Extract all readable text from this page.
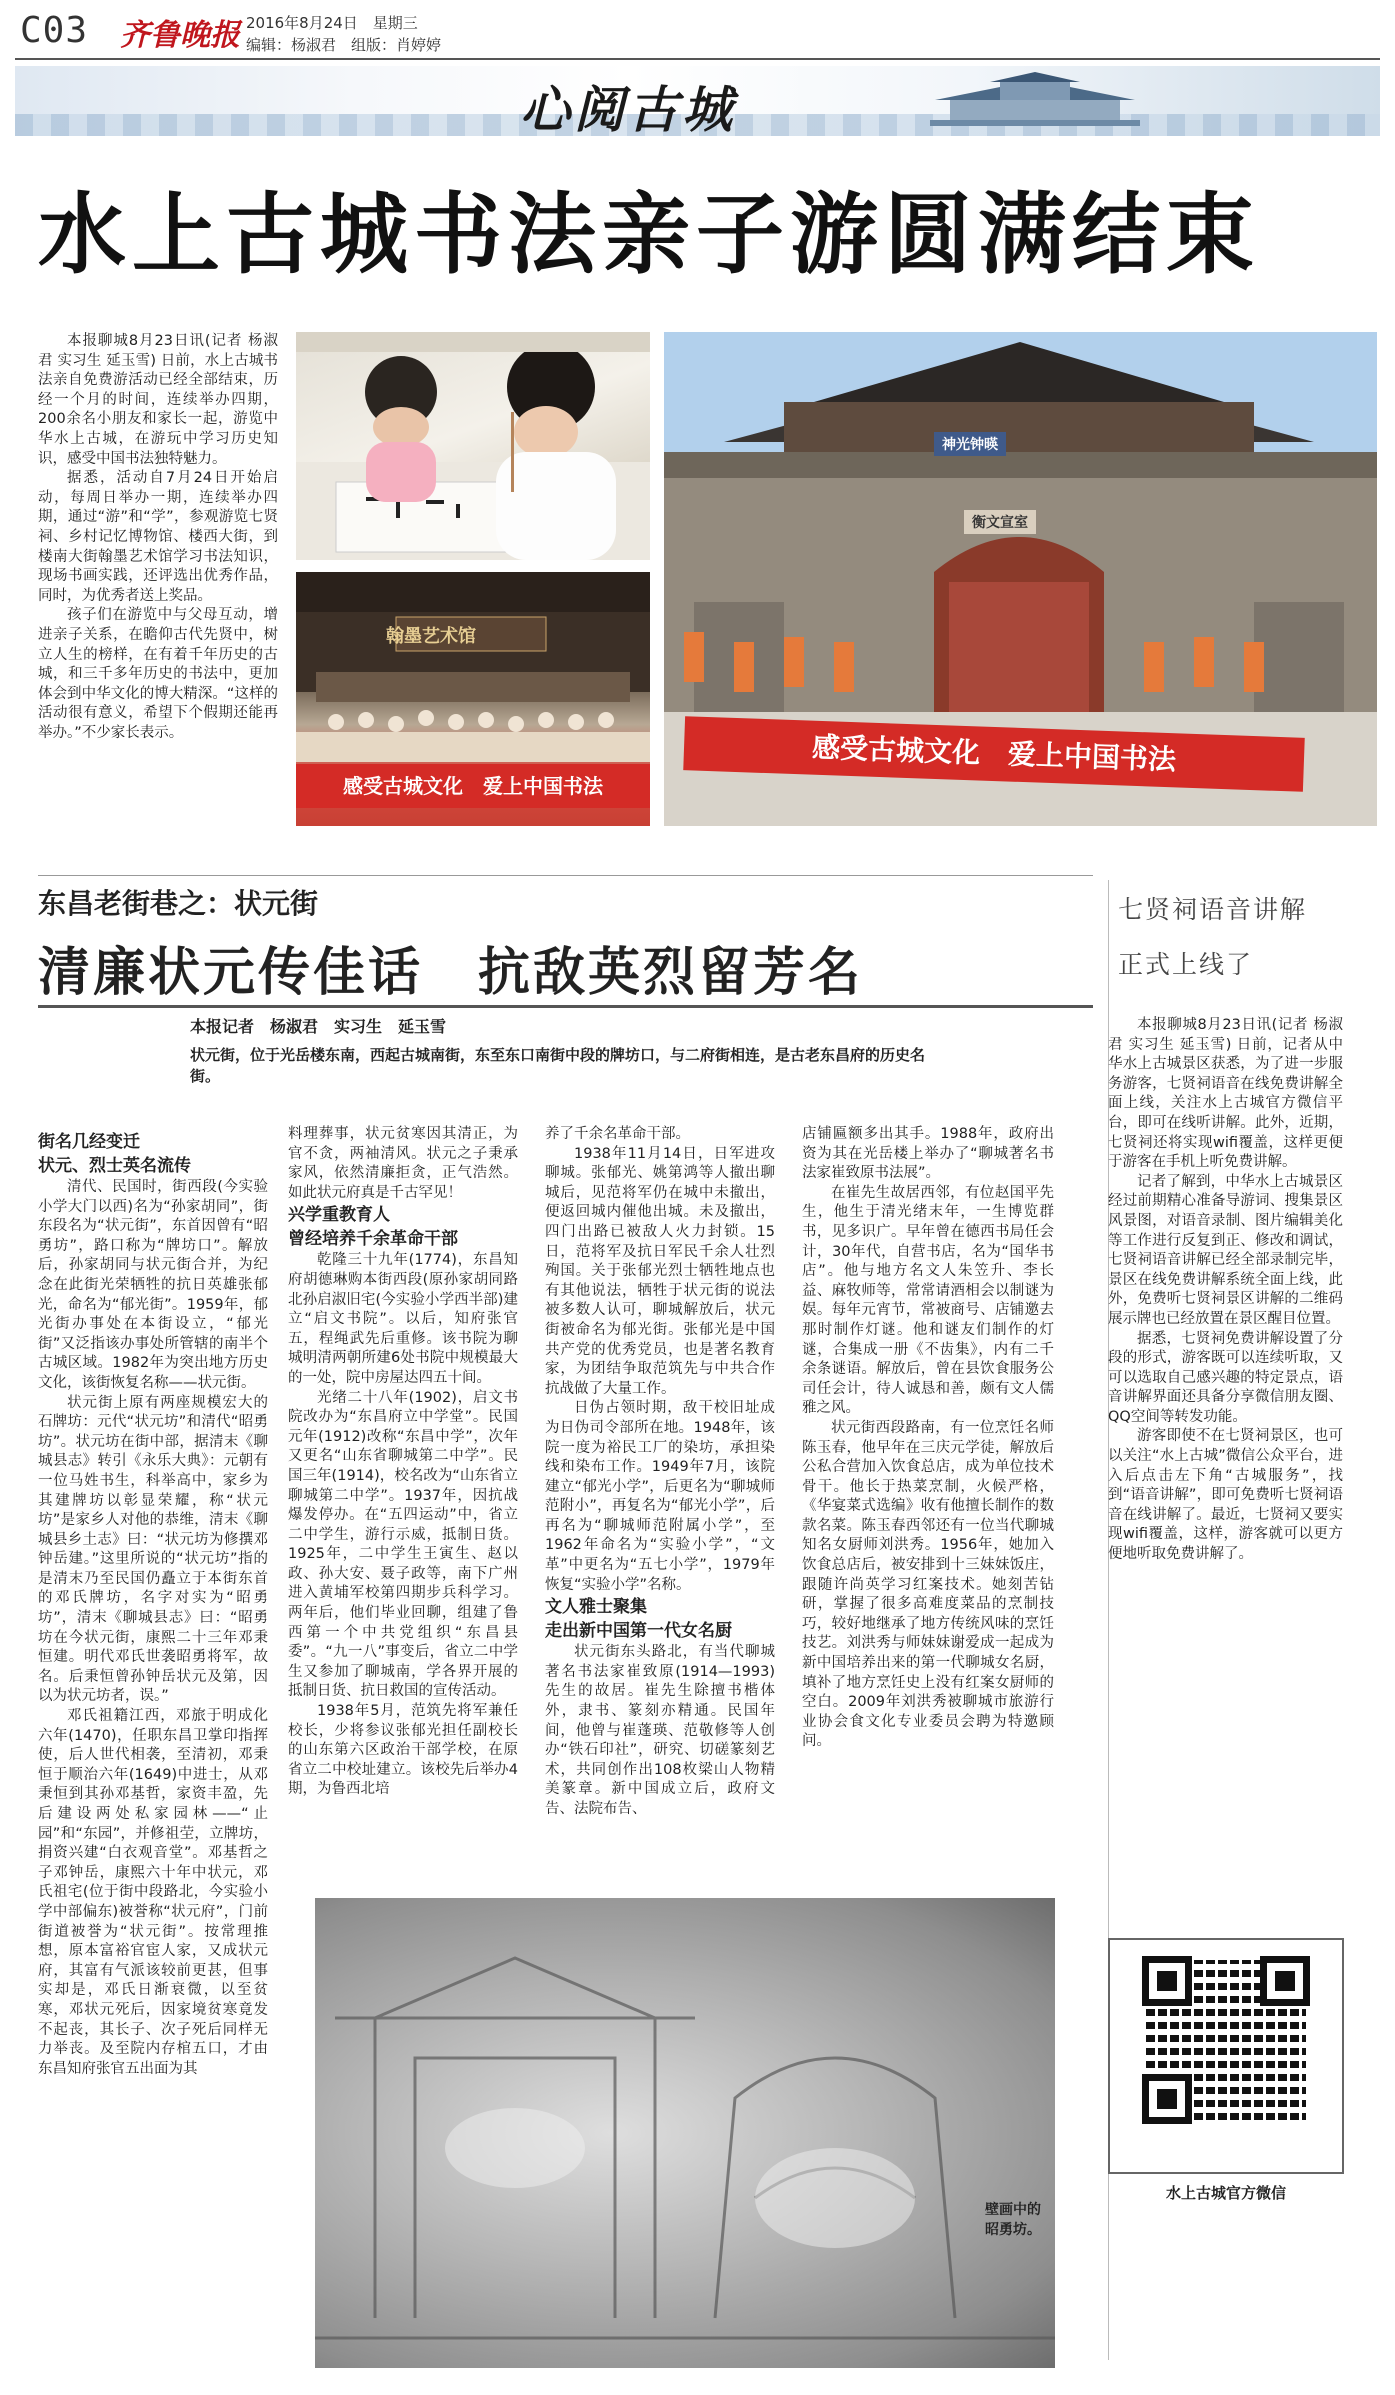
C03 齐鲁晚报 2016年8月24日　星期三
编辑：杨淑君　组版：肖婷婷
心阅古城
水上古城书法亲子游圆满结束

本报聊城8月23日讯(记者 杨淑君 实习生 延玉雪) 日前，水上古城书法亲自免费游活动已经全部结束，历经一个月的时间，连续举办四期，200余名小朋友和家长一起，游览中华水上古城，在游玩中学习历史知识，感受中国书法独特魅力。

据悉，活动自7月24日开始启动，每周日举办一期，连续举办四期，通过“游”和“学”，参观游览七贤祠、乡村记忆博物馆、楼西大街，到楼南大街翰墨艺术馆学习书法知识，现场书画实践，还评选出优秀作品，同时，为优秀者送上奖品。

孩子们在游览中与父母互动，增进亲子关系，在瞻仰古代先贤中，树立人生的榜样，在有着千年历史的古城，和三千多年历史的书法中，更加体会到中华文化的博大精深。“这样的活动很有意义，希望下个假期还能再举办。”不少家长表示。

翰墨艺术馆
感受古城文化　爱上中国书法
神光钟暎
衡文宣室
感受古城文化　爱上中国书法
东昌老街巷之：状元街
清廉状元传佳话　抗敌英烈留芳名
本报记者　杨淑君　实习生　延玉雪
状元街，位于光岳楼东南，西起古城南街，东至东口南街中段的牌坊口，与二府街相连，是古老东昌府的历史名街。

街名几经变迁

状元、烈士英名流传

清代、民国时，街西段(今实验小学大门以西)名为“孙家胡同”，街东段名为“状元街”，东首因曾有“昭勇坊”，路口称为“牌坊口”。解放后，孙家胡同与状元街合并，为纪念在此街光荣牺牲的抗日英雄张郁光，命名为“郁光街”。1959年，郁光街办事处在本街设立，“郁光街”又泛指该办事处所管辖的南半个古城区域。1982年为突出地方历史文化，该街恢复名称——状元街。

状元街上原有两座规模宏大的石牌坊：元代“状元坊”和清代“昭勇坊”。状元坊在街中部，据清末《聊城县志》转引《永乐大典》：元朝有一位马姓书生，科举高中，家乡为其建牌坊以彰显荣耀，称“状元坊”是家乡人对他的恭维，清末《聊城县乡土志》曰：“状元坊为修撰邓钟岳建。”这里所说的“状元坊”指的是清末乃至民国仍矗立于本街东首的邓氏牌坊，名字对实为“昭勇坊”，清末《聊城县志》曰：“昭勇坊在今状元街，康熙二十三年邓秉恒建。明代邓氏世袭昭勇将军，故名。后秉恒曾孙钟岳状元及第，因以为状元坊者，误。”

邓氏祖籍江西，邓旅于明成化六年(1470)，任职东昌卫掌印指挥使，后人世代相袭，至清初，邓秉恒于顺治六年(1649)中进士，从邓秉恒到其孙邓基哲，家资丰盈，先后建设两处私家园林——“止园”和“东园”，并修祖茔，立牌坊，捐资兴建“白衣观音堂”。邓基哲之子邓钟岳，康熙六十年中状元，邓氏祖宅(位于街中段路北，今实验小学中部偏东)被誉称“状元府”，门前街道被誉为“状元街”。按常理推想，原本富裕官宦人家，又成状元府，其富有气派该较前更甚，但事实却是，邓氏日渐衰微，以至贫寒，邓状元死后，因家境贫寒竟发不起丧，其长子、次子死后同样无力举丧。及至院内存棺五口，才由东昌知府张官五出面为其

料理葬事，状元贫寒因其清正，为官不贪，两袖清风。状元之子秉承家风，依然清廉拒贪，正气浩然。如此状元府真是千古罕见！

兴学重教育人

曾经培养千余革命干部

乾隆三十九年(1774)，东昌知府胡德琳购本街西段(原孙家胡同路北孙启淑旧宅(今实验小学西半部)建立“启文书院”。以后，知府张官五，程绳武先后重修。该书院为聊城明清两朝所建6处书院中规模最大的一处，院中房屋达四五十间。

光绪二十八年(1902)，启文书院改办为“东昌府立中学堂”。民国元年(1912)改称“东昌中学”，次年又更名“山东省聊城第二中学”。民国三年(1914)，校名改为“山东省立聊城第二中学”。1937年，因抗战爆发停办。在“五四运动”中，省立二中学生，游行示威，抵制日货。1925年，二中学生王寅生、赵以政、孙大安、聂子政等，南下广州进入黄埔军校第四期步兵科学习。两年后，他们毕业回聊，组建了鲁西第一个中共党组织“东昌县委”。“九一八”事变后，省立二中学生又参加了聊城南，学各界开展的抵制日货、抗日救国的宣传活动。

1938年5月，范筑先将军兼任校长，少将参议张郁光担任副校长的山东第六区政治干部学校，在原省立二中校址建立。该校先后举办4期，为鲁西北培

养了千余名革命干部。

1938年11月14日，日军进攻聊城。张郁光、姚第鸿等人撤出聊城后，见范将军仍在城中未撤出，便返回城内催他出城。未及撤出，四门出路已被敌人火力封锁。15日，范将军及抗日军民千余人壮烈殉国。关于张郁光烈士牺牲地点也有其他说法，牺牲于状元街的说法被多数人认可，聊城解放后，状元街被命名为郁光街。张郁光是中国共产党的优秀党员，也是著名教育家，为团结争取范筑先与中共合作抗战做了大量工作。

日伪占领时期，敌干校旧址成为日伪司令部所在地。1948年，该院一度为裕民工厂的染坊，承担染线和染布工作。1949年7月，该院建立“郁光小学”，后更名为“聊城师范附小”，再复名为“郁光小学”，后再名为“聊城师范附属小学”，至1962年命名为“实验小学”，“文革”中更名为“五七小学”，1979年恢复“实验小学”名称。

文人雅士聚集

走出新中国第一代女名厨

状元街东头路北，有当代聊城著名书法家崔致原(1914—1993)先生的故居。崔先生除擅书楷体外，隶书、篆刻亦精通。民国年间，他曾与崔蓬瑛、范敬修等人创办“铁石印社”，研究、切磋篆刻艺术，共同创作出108枚梁山人物精美篆章。新中国成立后，政府文告、法院布告、

店铺匾额多出其手。1988年，政府出资为其在光岳楼上举办了“聊城著名书法家崔致原书法展”。

在崔先生故居西邻，有位赵国平先生，他生于清光绪末年，一生博览群书，见多识广。早年曾在德西书局任会计，30年代，自营书店，名为“国华书店”。他与地方名文人朱笠升、李长益、麻牧师等，常常请酒相会以制谜为娱。每年元宵节，常被商号、店铺邀去那时制作灯谜。他和谜友们制作的灯谜，合集成一册《不齿集》，内有二千余条谜语。解放后，曾在县饮食服务公司任会计，待人诚恳和善，颇有文人儒雅之风。

状元街西段路南，有一位烹饪名师陈玉春，他早年在三庆元学徒，解放后公私合营加入饮食总店，成为单位技术骨干。他长于热菜烹制，火候严格，《华宴菜式选编》收有他擅长制作的数款名菜。陈玉春西邻还有一位当代聊城知名女厨师刘洪秀。1956年，她加入饮食总店后，被安排到十三妹妹饭庄，跟随许尚英学习红案技术。她刻苦钻研，掌握了很多高难度菜品的烹制技巧，较好地继承了地方传统风味的烹饪技艺。刘洪秀与师妹妹谢爱成一起成为新中国培养出来的第一代聊城女名厨，填补了地方烹饪史上没有红案女厨师的空白。2009年刘洪秀被聊城市旅游行业协会食文化专业委员会聘为特邀顾问。

壁画中的昭勇坊。
七贤祠语音讲解
正式上线了

本报聊城8月23日讯(记者 杨淑君 实习生 延玉雪) 日前，记者从中华水上古城景区获悉，为了进一步服务游客，七贤祠语音在线免费讲解全面上线，关注水上古城官方微信平台，即可在线听讲解。此外，近期，七贤祠还将实现wifi覆盖，这样更便于游客在手机上听免费讲解。

记者了解到，中华水上古城景区经过前期精心准备导游词、搜集景区风景图，对语音录制、图片编辑美化等工作进行反复到正、修改和调试，七贤祠语音讲解已经全部录制完毕，景区在线免费讲解系统全面上线，此外，免费听七贤祠景区讲解的二维码展示牌也已经放置在景区醒目位置。

据悉，七贤祠免费讲解设置了分段的形式，游客既可以连续听取，又可以选取自己感兴趣的特定景点，语音讲解界面还具备分享微信朋友圈、QQ空间等转发功能。

游客即使不在七贤祠景区，也可以关注“水上古城”微信公众平台，进入后点击左下角“古城服务”，找到“语音讲解”，即可免费听七贤祠语音在线讲解了。最近，七贤祠又要实现wifi覆盖，这样，游客就可以更方便地听取免费讲解了。

水上古城官方微信
